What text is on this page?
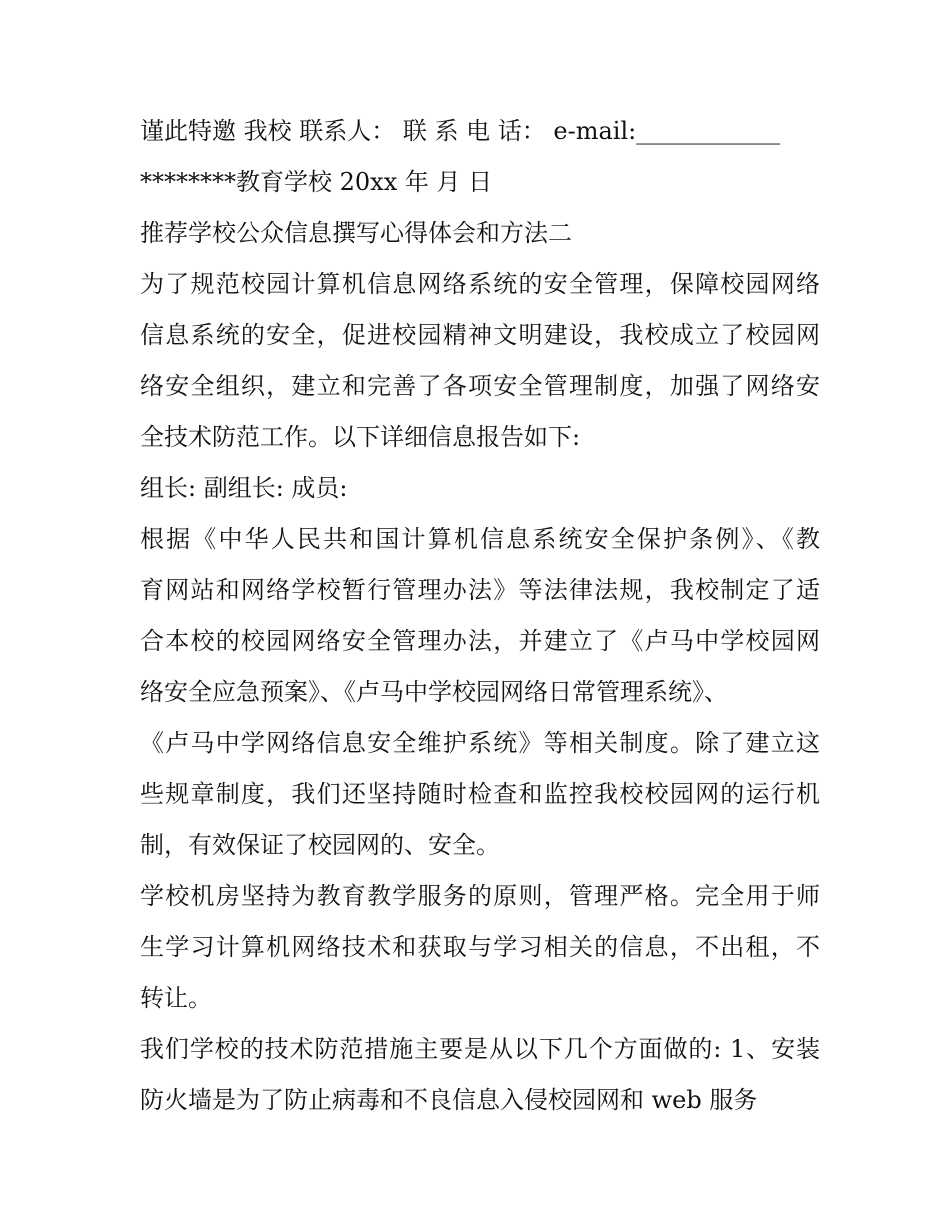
谨此特邀 我校 联系人： 联 系 电 话： e-mail:____________
********教育学校 20xx 年 月 日
推荐学校公众信息撰写心得体会和方法二
为了规范校园计算机信息网络系统的安全管理，保障校园网络
信息系统的安全，促进校园精神文明建设，我校成立了校园网
络安全组织，建立和完善了各项安全管理制度，加强了网络安
全技术防范工作。以下详细信息报告如下:
组长: 副组长: 成员:
根据《中华人民共和国计算机信息系统安全保护条例》、《教
育网站和网络学校暂行管理办法》等法律法规，我校制定了适
合本校的校园网络安全管理办法，并建立了《卢马中学校园网
络安全应急预案》、《卢马中学校园网络日常管理系统》、
《卢马中学网络信息安全维护系统》等相关制度。除了建立这
些规章制度，我们还坚持随时检查和监控我校校园网的运行机
制，有效保证了校园网的、安全。
学校机房坚持为教育教学服务的原则，管理严格。完全用于师
生学习计算机网络技术和获取与学习相关的信息，不出租，不
转让。
我们学校的技术防范措施主要是从以下几个方面做的: 1、安装
防火墙是为了防止病毒和不良信息入侵校园网和 web 服务
